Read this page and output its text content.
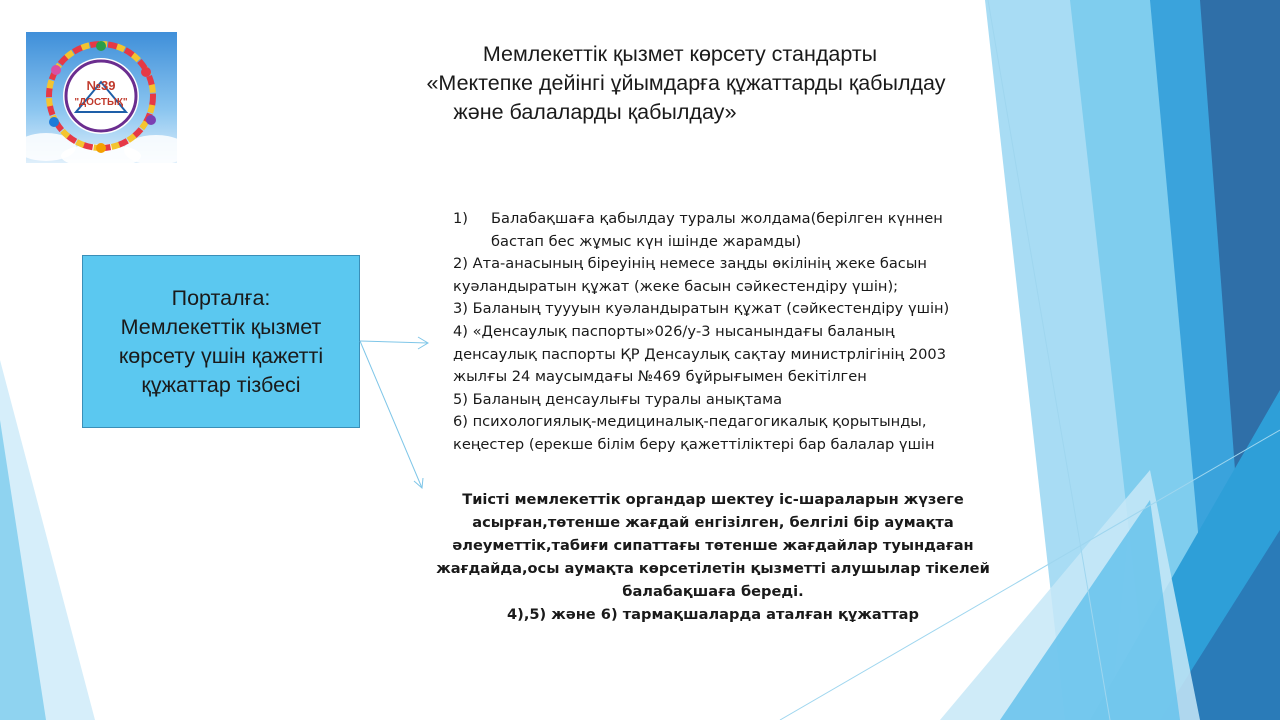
№39
"ДОСТЫҚ"
Мемлекеттік қызмет көрсету стандарты
«Мектепке дейінгі ұйымдарға құжаттарды қабылдау
және балаларды қабылдау»
Порталға:
Мемлекеттік қызмет
көрсету үшін қажетті
құжаттар тізбесі
1)	Балабақшаға қабылдау туралы жолдама(берілген күннен
бастап бес жұмыс күн ішінде жарамды)
2) Ата-анасының біреуінің немесе заңды өкілінің жеке басын
куәландыратын құжат (жеке басын сәйкестендіру үшін);
3) Баланың туууын куәландыратын құжат (сәйкестендіру үшін)
4) «Денсаулық паспорты»026/у-3 нысанындағы баланың
денсаулық паспорты ҚР Денсаулық сақтау министрлігінің 2003
жылғы 24 маусымдағы №469 бұйрығымен бекітілген
5) Баланың денсаулығы туралы анықтама
6) психологиялық-медициналық-педагогикалық қорытынды,
кеңестер (ерекше білім беру қажеттіліктері бар балалар үшін
Тиісті мемлекеттік органдар шектеу іс-шараларын жүзеге
асырған,төтенше жағдай енгізілген, белгілі бір аумақта
әлеуметтік,табиғи сипаттағы төтенше жағдайлар туындаған
жағдайда,осы аумақта көрсетілетін қызметті алушылар тікелей
балабақшаға береді.
4),5) және 6) тармақшаларда аталған құжаттар
